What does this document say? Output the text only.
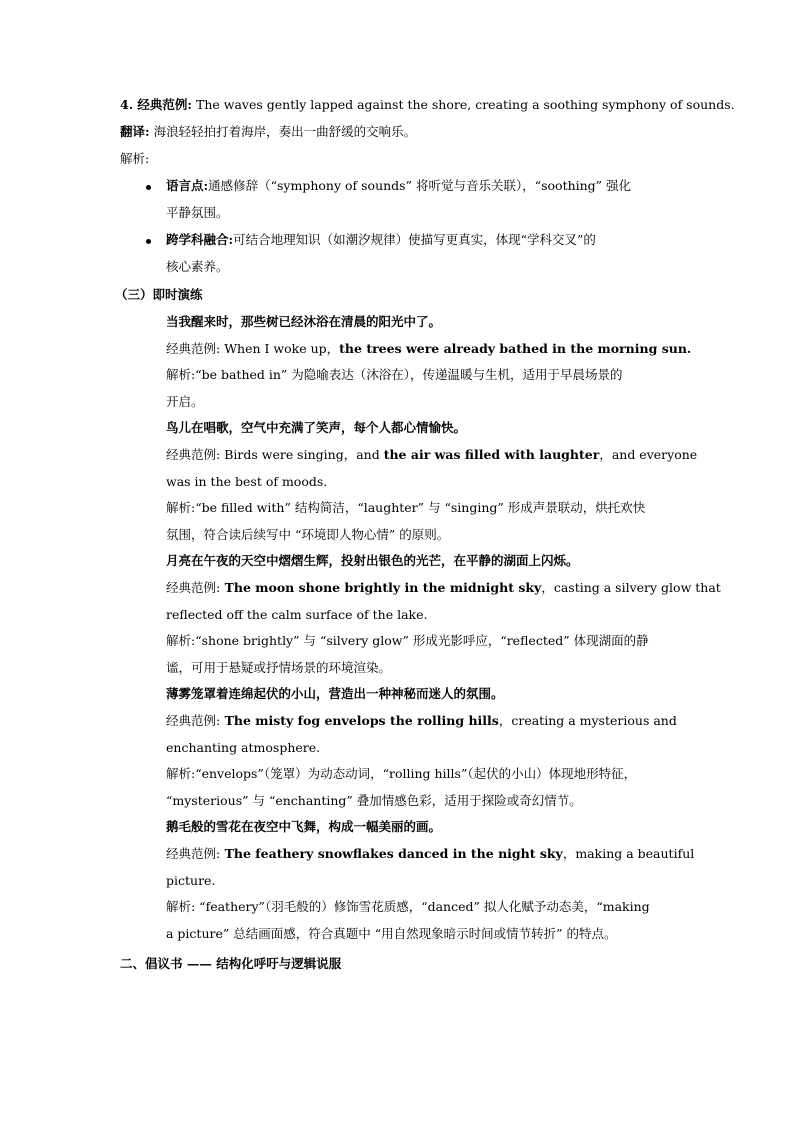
4. 经典范例: The waves gently lapped against the shore, creating a soothing symphony of sounds.
翻译: 海浪轻轻拍打着海岸，奏出一曲舒缓的交响乐。
解析:
语言点:通感修辞（“symphony of sounds” 将听觉与音乐关联），“soothing” 强化
平静氛围。
跨学科融合:可结合地理知识（如潮汐规律）使描写更真实，体现“学科交叉”的
核心素养。
（三）即时演练
当我醒来时，那些树已经沐浴在清晨的阳光中了。
经典范例: When I woke up，the trees were already bathed in the morning sun.
解析:“be bathed in” 为隐喻表达（沐浴在），传递温暖与生机，适用于早晨场景的
开启。
鸟儿在唱歌，空气中充满了笑声，每个人都心情愉快。
经典范例: Birds were singing，and the air was filled with laughter，and everyone
was in the best of moods.
解析:“be filled with” 结构简洁，“laughter” 与 “singing” 形成声景联动，烘托欢快
氛围，符合读后续写中 “环境即人物心情” 的原则。
月亮在午夜的天空中熠熠生辉，投射出银色的光芒，在平静的湖面上闪烁。
经典范例: The moon shone brightly in the midnight sky，casting a silvery glow that
reflected off the calm surface of the lake.
解析:“shone brightly” 与 “silvery glow” 形成光影呼应，“reflected” 体现湖面的静
谧，可用于悬疑或抒情场景的环境渲染。
薄雾笼罩着连绵起伏的小山，营造出一种神秘而迷人的氛围。
经典范例: The misty fog envelops the rolling hills，creating a mysterious and
enchanting atmosphere.
解析:“envelops”（笼罩）为动态动词，“rolling hills”（起伏的小山）体现地形特征，
“mysterious” 与 “enchanting” 叠加情感色彩，适用于探险或奇幻情节。
鹅毛般的雪花在夜空中飞舞，构成一幅美丽的画。
经典范例: The feathery snowflakes danced in the night sky，making a beautiful
picture.
解析: “feathery”（羽毛般的）修饰雪花质感，“danced” 拟人化赋予动态美，“making
a picture” 总结画面感，符合真题中 “用自然现象暗示时间或情节转折” 的特点。
二、倡议书 —— 结构化呼吁与逻辑说服
